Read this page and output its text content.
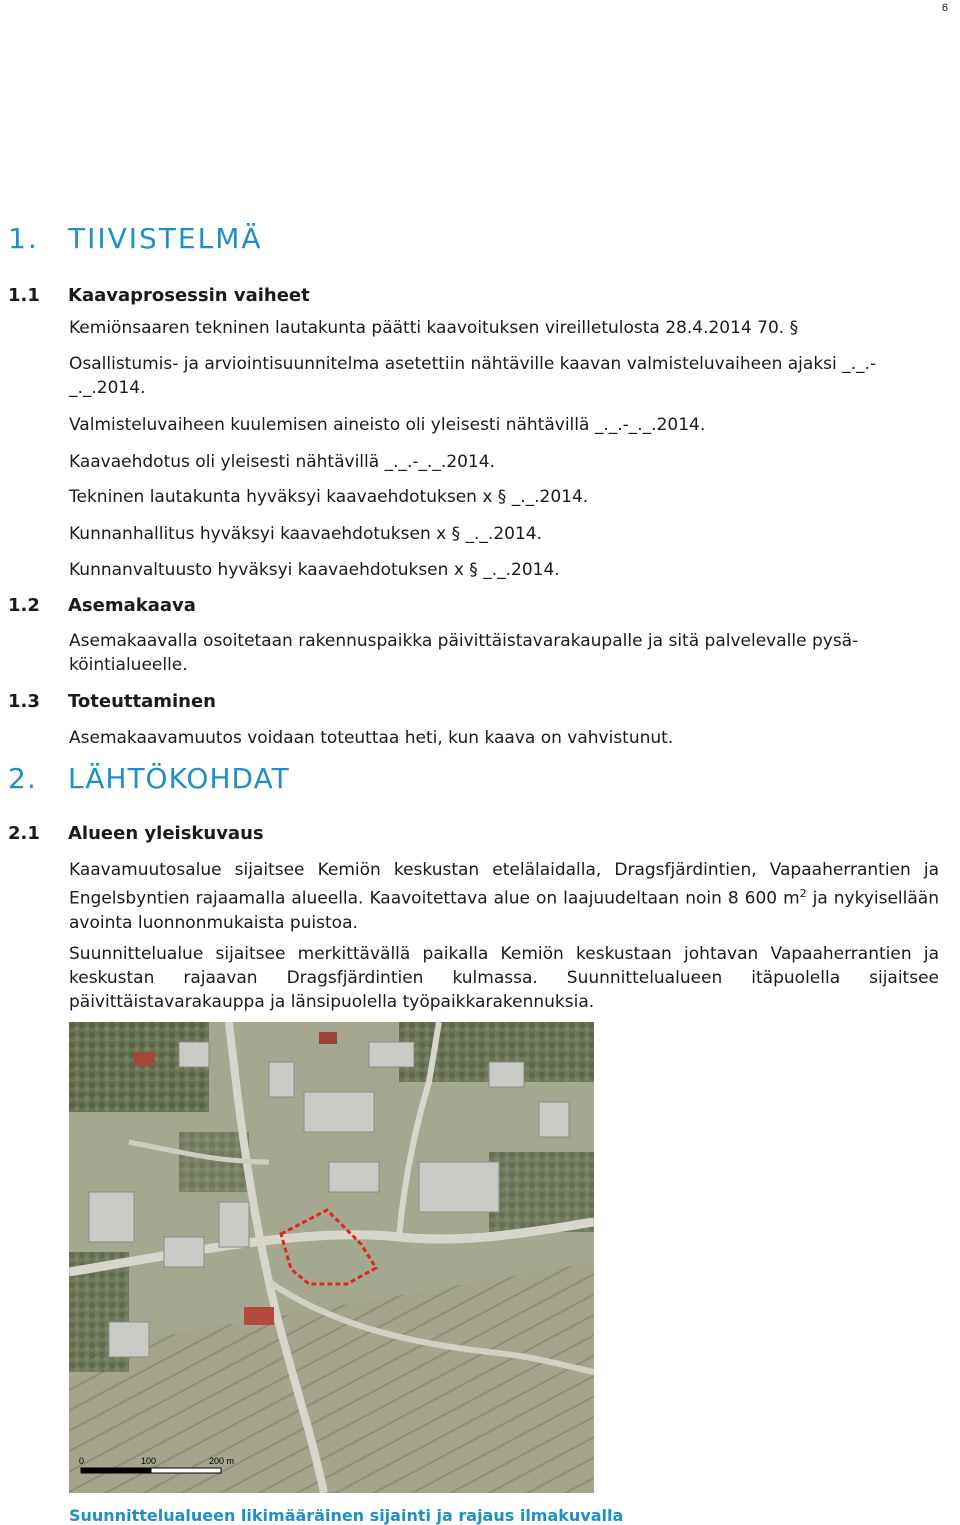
6
1. TIIVISTELMÄ
1.1 Kaavaprosessin vaiheet
Kemiönsaaren tekninen lautakunta päätti kaavoituksen vireilletulosta 28.4.2014 70. §
Osallistumis- ja arviointisuunnitelma asetettiin nähtäville kaavan valmisteluvaiheen ajaksi _._.-
_._.2014.
Valmisteluvaiheen kuulemisen aineisto oli yleisesti nähtävillä _._.-_._.2014.
Kaavaehdotus oli yleisesti nähtävillä _._.-_._.2014.
Tekninen lautakunta hyväksyi kaavaehdotuksen x § _._.2014.
Kunnanhallitus hyväksyi kaavaehdotuksen x § _._.2014.
Kunnanvaltuusto hyväksyi kaavaehdotuksen x § _._.2014.
1.2 Asemakaava
Asemakaavalla osoitetaan rakennuspaikka päivittäistavarakaupalle ja sitä palvelevalle pysä-
köintialueelle.
1.3 Toteuttaminen
Asemakaavamuutos voidaan toteuttaa heti, kun kaava on vahvistunut.
2. LÄHTÖKOHDAT
2.1 Alueen yleiskuvaus
Kaavamuutosalue sijaitsee Kemiön keskustan etelälaidalla, Dragsfjärdintien, Vapaaherrantien ja Engelsbyntien rajaamalla alueella. Kaavoitettava alue on laajuudeltaan noin 8 600 $m^2$ ja nykyisellään avointa luonnonmukaista puistoa.
Suunnittelualue sijaitsee merkittävällä paikalla Kemiön keskustaan johtavan Vapaaherrantien ja keskustan rajaavan Dragsfjärdintien kulmassa. Suunnittelualueen itäpuolella sijaitsee päivittäistavarakauppa ja länsipuolella työpaikkarakennuksia.
0	100	200 m
Suunnittelualueen likimääräinen sijainti ja rajaus ilmakuvalla
